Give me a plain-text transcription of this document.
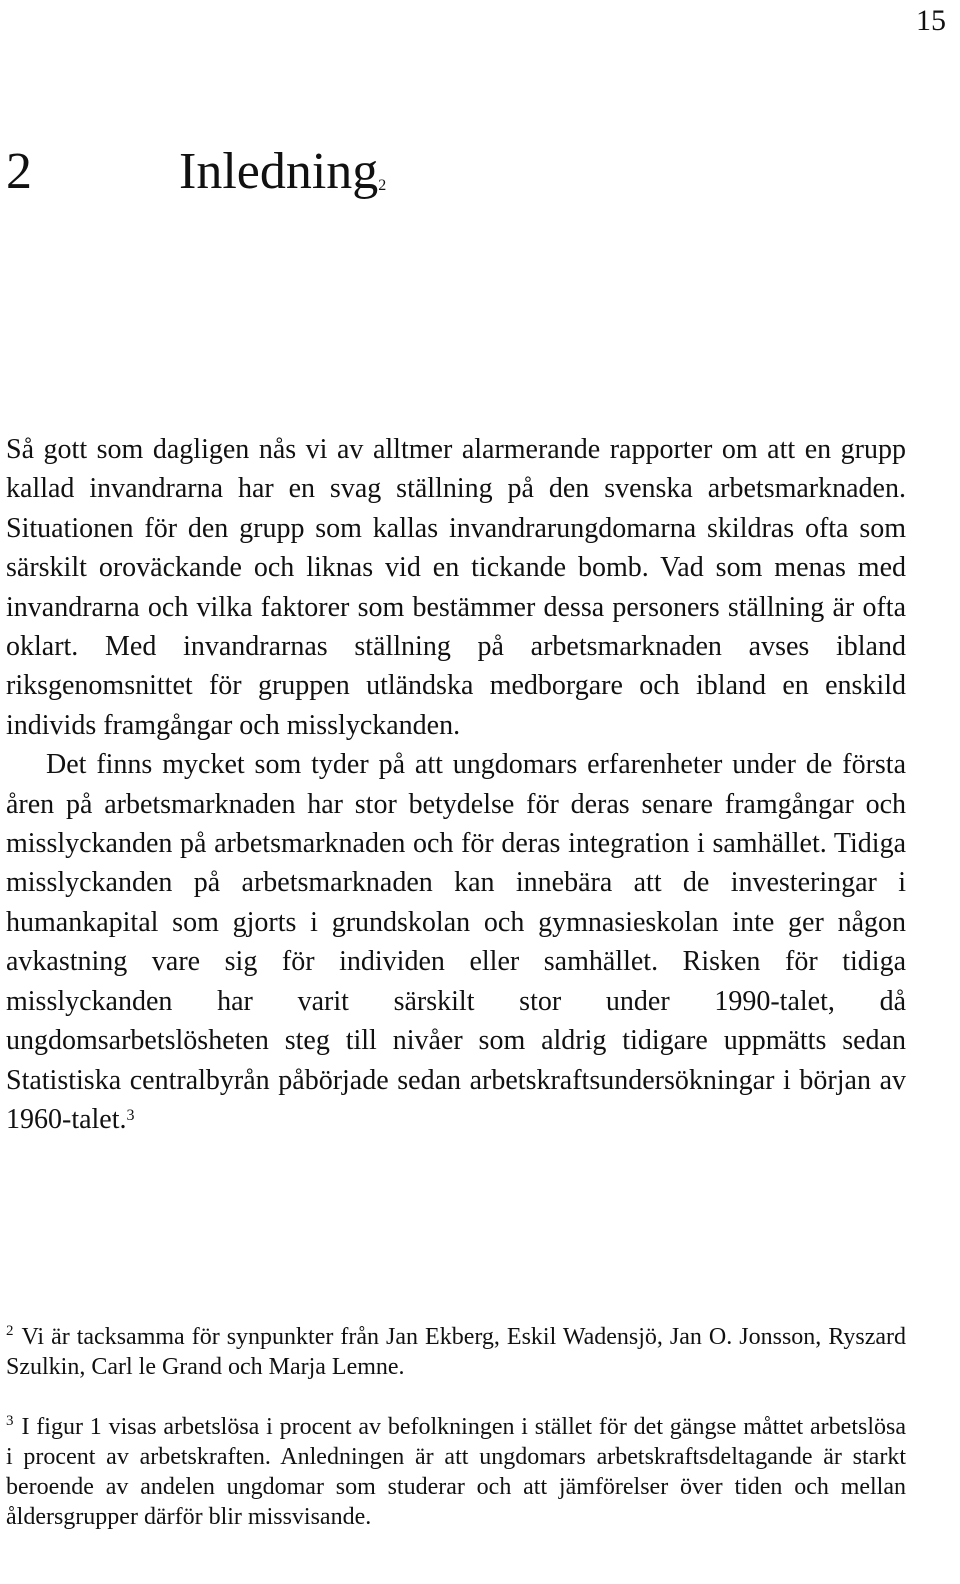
15
2	Inledning$^2$

Så gott som dagligen nås vi av alltmer alarmerande rapporter om att en grupp kallad invandrarna har en svag ställning på den svenska arbetsmarknaden. Situationen för den grupp som kallas invandrarungdomarna skildras ofta som särskilt oroväckande och liknas vid en tickande bomb. Vad som menas med invandrarna och vilka faktorer som bestämmer dessa personers ställning är ofta oklart. Med invandrarnas ställning på arbetsmarknaden avses ibland riksgenomsnittet för gruppen utländska medborgare och ibland en enskild individs framgångar och misslyckanden.

Det finns mycket som tyder på att ungdomars erfarenheter under de första åren på arbetsmarknaden har stor betydelse för deras senare framgångar och misslyckanden på arbetsmarknaden och för deras integration i samhället. Tidiga misslyckanden på arbetsmarknaden kan innebära att de investeringar i humankapital som gjorts i grundskolan och gymnasieskolan inte ger någon avkastning vare sig för individen eller samhället. Risken för tidiga misslyckanden har varit särskilt stor under 1990-talet, då ungdomsarbetslösheten steg till nivåer som aldrig tidigare uppmätts sedan Statistiska centralbyrån påbörjade sedan arbetskraftsundersökningar i början av 1960-talet.$^3$

$^2$ Vi är tacksamma för synpunkter från Jan Ekberg, Eskil Wadensjö, Jan O. Jonsson, Ryszard Szulkin, Carl le Grand och Marja Lemne.

$^3$ I figur 1 visas arbetslösa i procent av befolkningen i stället för det gängse måttet arbetslösa i procent av arbetskraften. Anledningen är att ungdomars arbetskraftsdeltagande är starkt beroende av andelen ungdomar som studerar och att jämförelser över tiden och mellan åldersgrupper därför blir missvisande.
